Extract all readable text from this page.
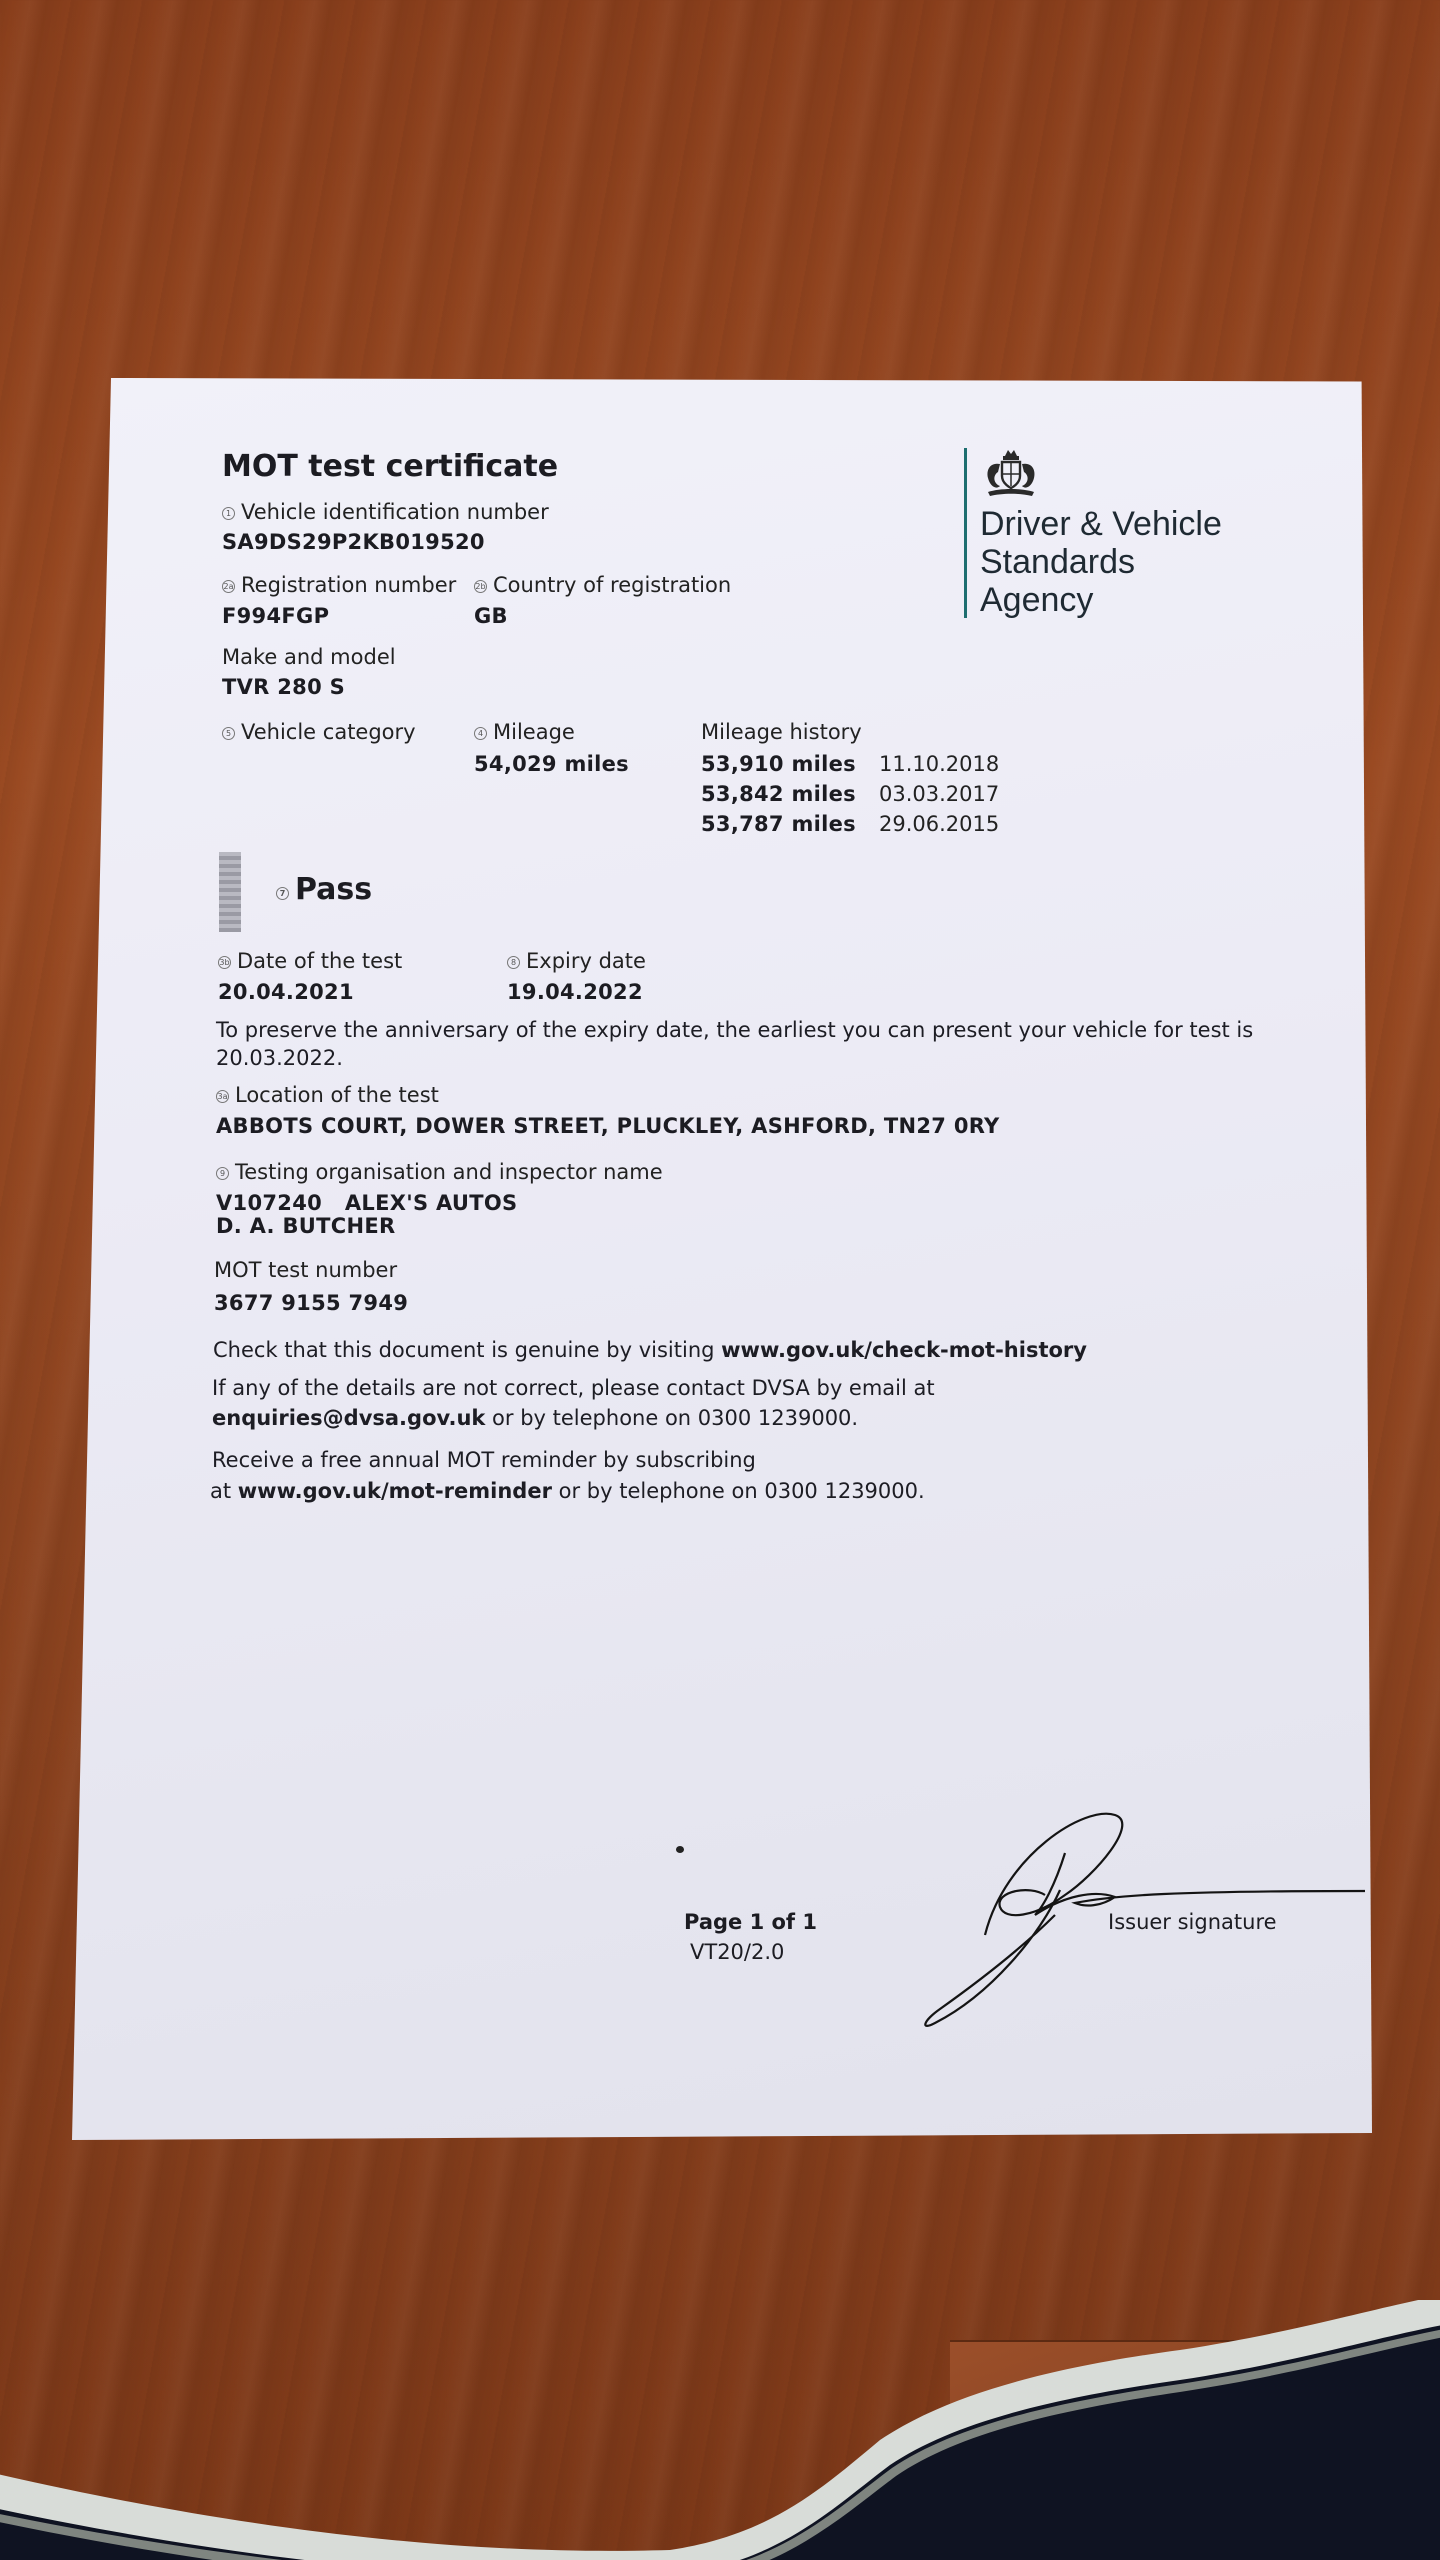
MOT test certificate
1 Vehicle identification number
SA9DS29P2KB019520
2a Registration number
F994FGP
2b Country of registration
GB
Make and model
TVR 280 S
5 Vehicle category	4 Mileage
54,029 miles
Mileage history
53,910 miles 11.10.2018
53,842 miles 03.03.2017
53,787 miles 29.06.2015
7 Pass
3b Date of the test
20.04.2021
8 Expiry date
19.04.2022
To preserve the anniversary of the expiry date, the earliest you can present your vehicle for test is
20.03.2022.
3a Location of the test
ABBOTS COURT, DOWER STREET, PLUCKLEY, ASHFORD, TN27 0RY
9 Testing organisation and inspector name
V107240   ALEX'S AUTOS
D. A. BUTCHER
MOT test number
3677 9155 7949
Check that this document is genuine by visiting www.gov.uk/check-mot-history
If any of the details are not correct, please contact DVSA by email at
enquiries@dvsa.gov.uk or by telephone on 0300 1239000.
Receive a free annual MOT reminder by subscribing
at www.gov.uk/mot-reminder or by telephone on 0300 1239000.
Page 1 of 1
VT20/2.0
Issuer signature
Driver & Vehicle
Standards
Agency
